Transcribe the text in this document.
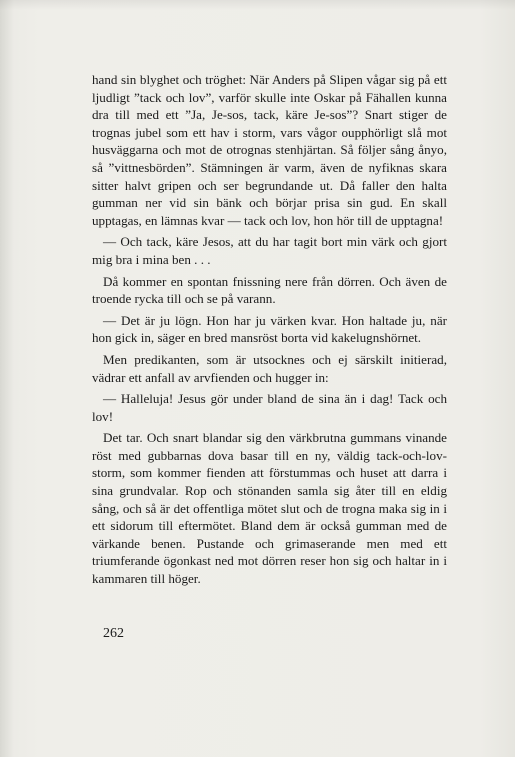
hand sin blyghet och tröghet: När Anders på Slipen vågar sig på ett ljudligt ”tack och lov”, varför skulle inte Oskar på Fähallen kunna dra till med ett ”Ja, Je-sos, tack, käre Je-sos”? Snart stiger de trognas jubel som ett hav i storm, vars vågor oupphörligt slå mot husväggarna och mot de otrognas stenhjärtan. Så följer sång ånyo, så ”vittnesbörden”. Stämningen är varm, även de nyfiknas skara sitter halvt gripen och ser begrundande ut. Då faller den halta gumman ner vid sin bänk och börjar prisa sin gud. En skall upptagas, en lämnas kvar — tack och lov, hon hör till de upptagna!

— Och tack, käre Jesos, att du har tagit bort min värk och gjort mig bra i mina ben . . .

Då kommer en spontan fnissning nere från dörren. Och även de troende rycka till och se på varann.

— Det är ju lögn. Hon har ju värken kvar. Hon haltade ju, när hon gick in, säger en bred mansröst borta vid kakelugnshörnet.

Men predikanten, som är utsocknes och ej särskilt initierad, vädrar ett anfall av arvfienden och hugger in:

— Halleluja! Jesus gör under bland de sina än i dag! Tack och lov!

Det tar. Och snart blandar sig den värkbrutna gummans vinande röst med gubbarnas dova basar till en ny, väldig tack-och-lov-storm, som kommer fienden att förstummas och huset att darra i sina grundvalar. Rop och stönanden samla sig åter till en eldig sång, och så är det offentliga mötet slut och de trogna maka sig in i ett sidorum till eftermötet. Bland dem är också gumman med de värkande benen. Pustande och grimaserande men med ett triumferande ögonkast ned mot dörren reser hon sig och haltar in i kammaren till höger.

262
